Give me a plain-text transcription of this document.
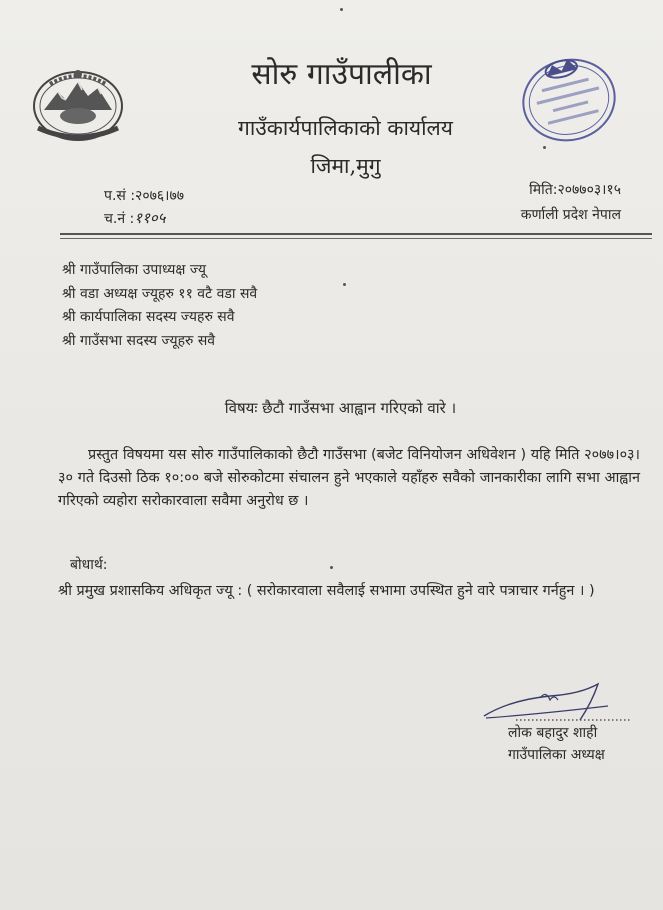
सोरु गाउँपालीका
गाउँकार्यपालिकाको कार्यालय
जिमा,मुगु
प.सं :२०७६।७७
च.नं :११०५
मिति:२०७७०३।१५
कर्णाली प्रदेश नेपाल
श्री गाउँपालिका उपाध्यक्ष ज्यू
श्री वडा अध्यक्ष ज्यूहरु ११ वटै वडा सवै
श्री कार्यपालिका सदस्य ज्यहरु सवै
श्री गाउँसभा सदस्य ज्यूहरु सवै
विषयः छैटौ गाउँसभा आह्वान गरिएको वारे ।
प्रस्तुत विषयमा यस सोरु गाउँपालिकाको छैटौ गाउँसभा (बजेट विनियोजन अधिवेशन ) यहि मिति २०७७।०३।३० गते दिउसो ठिक १०:०० बजे सोरुकोटमा संचालन हुने भएकाले यहाँहरु सवैको जानकारीका लागि सभा आह्वान गरिएको व्यहोरा सरोकारवाला सवैमा अनुरोध छ ।
बोधार्थ:
श्री प्रमुख प्रशासकिय अधिकृत ज्यू : ( सरोकारवाला सवैलाई सभामा उपस्थित हुने वारे पत्राचार गर्नहुन । )
लोक बहादुर शाही
गाउँपालिका अध्यक्ष
